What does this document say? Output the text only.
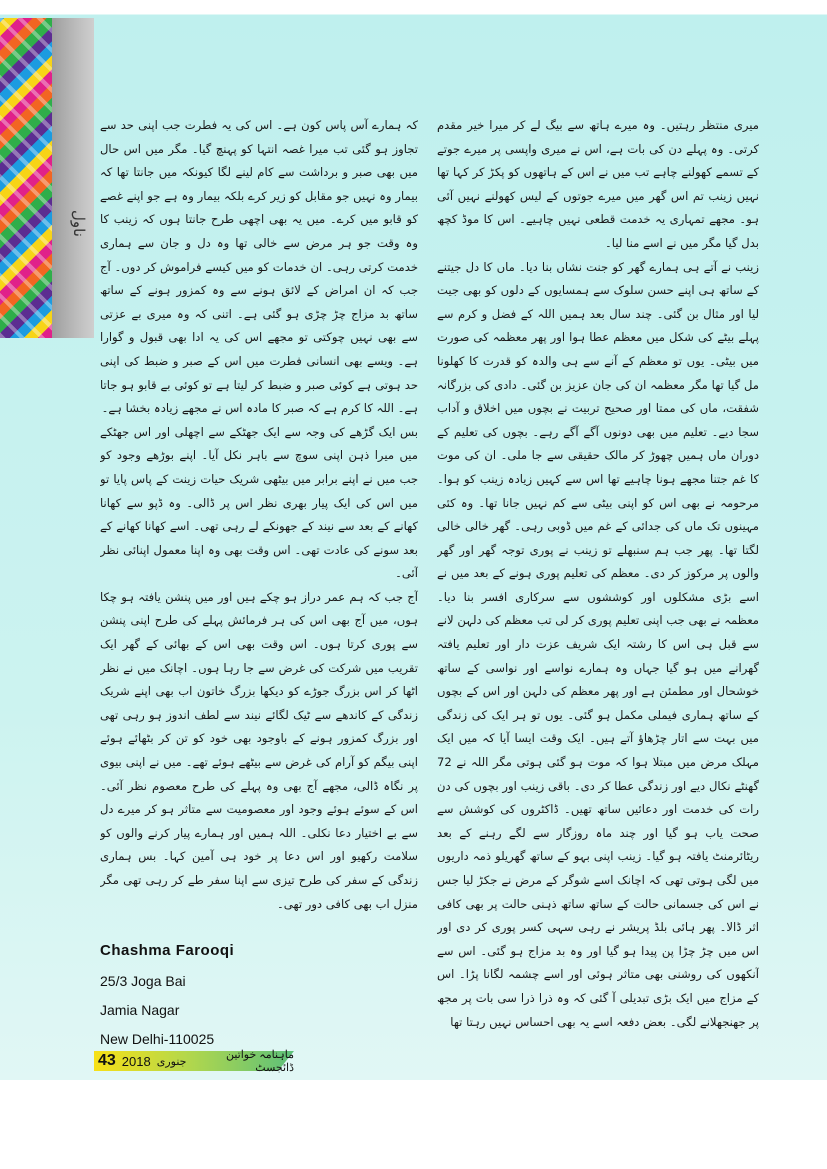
ناول

کہ ہمارے آس پاس کون ہے۔ اس کی یہ فطرت جب اپنی حد سے تجاوز ہو گئی تب میرا غصہ انتہا کو پہنچ گیا۔ مگر میں اس حال میں بھی صبر و برداشت سے کام لینے لگا کیونکہ میں جانتا تھا کہ بیمار وہ نہیں جو مقابل کو زیر کرے بلکہ بیمار وہ ہے جو اپنے غصے کو قابو میں کرے۔ میں یہ بھی اچھی طرح جانتا ہوں کہ زینب کا وہ وقت جو ہر مرض سے خالی تھا وہ دل و جان سے ہماری خدمت کرتی رہی۔ ان خدمات کو میں کیسے فراموش کر دوں۔ آج جب کہ ان امراض کے لائق ہونے سے وہ کمزور ہونے کے ساتھ ساتھ بد مزاج چڑ چڑی ہو گئی ہے۔ اتنی کہ وہ میری بے عزتی سے بھی نہیں چوکتی تو مجھے اس کی یہ ادا بھی قبول و گوارا ہے۔ ویسے بھی انسانی فطرت میں اس کے صبر و ضبط کی اپنی حد ہوتی ہے کوئی صبر و ضبط کر لیتا ہے تو کوئی بے قابو ہو جاتا ہے۔ اللہ کا کرم ہے کہ صبر کا مادہ اس نے مجھے زیادہ بخشا ہے۔

بس ایک گڑھے کی وجہ سے ایک جھٹکے سے اچھلی اور اس جھٹکے میں میرا ذہن اپنی سوچ سے باہر نکل آیا۔ اپنے بوڑھے وجود کو جب میں نے اپنے برابر میں بیٹھی شریک حیات زینت کے پاس پایا تو میں اس کی ایک پیار بھری نظر اس پر ڈالی۔ وہ ڈپو سے کھانا کھانے کے بعد سے نیند کے جھونکے لے رہی تھی۔ اسے کھانا کھانے کے بعد سونے کی عادت تھی۔ اس وقت بھی وہ اپنا معمول اپنائی نظر آئی۔

آج جب کہ ہم عمر دراز ہو چکے ہیں اور میں پنشن یافتہ ہو چکا ہوں، میں آج بھی اس کی ہر فرمائش پہلے کی طرح اپنی پنشن سے پوری کرتا ہوں۔ اس وقت بھی اس کے بھائی کے گھر ایک تقریب میں شرکت کی غرض سے جا رہا ہوں۔ اچانک میں نے نظر اٹھا کر اس بزرگ جوڑے کو دیکھا بزرگ خاتون اب بھی اپنے شریک زندگی کے کاندھے سے ٹیک لگائے نیند سے لطف اندوز ہو رہی تھی اور بزرگ کمزور ہونے کے باوجود بھی خود کو تن کر بٹھائے ہوئے اپنی بیگم کو آرام کی غرض سے بیٹھے ہوئے تھے۔ میں نے اپنی بیوی پر نگاہ ڈالی، مجھے آج بھی وہ پہلے کی طرح معصوم نظر آئی۔ اس کے سوئے ہوئے وجود اور معصومیت سے متاثر ہو کر میرے دل سے بے اختیار دعا نکلی۔ اللہ ہمیں اور ہمارے پیار کرنے والوں کو سلامت رکھیو اور اس دعا پر خود ہی آمین کہا۔ بس ہماری زندگی کے سفر کی طرح تیزی سے اپنا سفر طے کر رہی تھی مگر منزل اب بھی کافی دور تھی۔

میری منتظر رہتیں۔ وہ میرے ہاتھ سے بیگ لے کر میرا خیر مقدم کرتی۔ وہ پہلے دن کی بات ہے، اس نے میری واپسی پر میرے جوتے کے تسمے کھولنے چاہے تب میں نے اس کے ہاتھوں کو پکڑ کر کہا تھا نہیں زینب تم اس گھر میں میرے جوتوں کے لیس کھولنے نہیں آئی ہو۔ مجھے تمہاری یہ خدمت قطعی نہیں چاہیے۔ اس کا موڈ کچھ بدل گیا مگر میں نے اسے منا لیا۔

زینب نے آتے ہی ہمارے گھر کو جنت نشاں بنا دیا۔ ماں کا دل جیتنے کے ساتھ ہی اپنے حسن سلوک سے ہمسایوں کے دلوں کو بھی جیت لیا اور مثال بن گئی۔ چند سال بعد ہمیں اللہ کے فضل و کرم سے پہلے بیٹے کی شکل میں معظم عطا ہوا اور پھر معظمہ کی صورت میں بیٹی۔ یوں تو معظم کے آنے سے ہی والدہ کو قدرت کا کھلونا مل گیا تھا مگر معظمہ ان کی جان عزیز بن گئی۔ دادی کی بزرگانہ شفقت، ماں کی ممتا اور صحیح تربیت نے بچوں میں اخلاق و آداب سجا دیے۔ تعلیم میں بھی دونوں آگے آگے رہے۔ بچوں کی تعلیم کے دوران ماں ہمیں چھوڑ کر مالک حقیقی سے جا ملی۔ ان کی موت کا غم جتنا مجھے ہونا چاہیے تھا اس سے کہیں زیادہ زینب کو ہوا۔ مرحومہ نے بھی اس کو اپنی بیٹی سے کم نہیں جانا تھا۔ وہ کئی مہینوں تک ماں کی جدائی کے غم میں ڈوبی رہی۔ گھر خالی خالی لگتا تھا۔ پھر جب ہم سنبھلے تو زینب نے پوری توجہ گھر اور گھر والوں پر مرکوز کر دی۔ معظم کی تعلیم پوری ہونے کے بعد میں نے اسے بڑی مشکلوں اور کوششوں سے سرکاری افسر بنا دیا۔ معظمہ نے بھی جب اپنی تعلیم پوری کر لی تب معظم کی دلہن لانے سے قبل ہی اس کا رشتہ ایک شریف عزت دار اور تعلیم یافتہ گھرانے میں ہو گیا جہاں وہ ہمارے نواسے اور نواسی کے ساتھ خوشحال اور مطمئن ہے اور پھر معظم کی دلہن اور اس کے بچوں کے ساتھ ہماری فیملی مکمل ہو گئی۔ یوں تو ہر ایک کی زندگی میں بہت سے اتار چڑھاؤ آتے ہیں۔ ایک وقت ایسا آیا کہ میں ایک مہلک مرض میں مبتلا ہوا کہ موت ہو گئی ہوتی مگر اللہ نے 72 گھنٹے نکال دیے اور زندگی عطا کر دی۔ باقی زینب اور بچوں کی دن رات کی خدمت اور دعائیں ساتھ تھیں۔ ڈاکٹروں کی کوشش سے صحت یاب ہو گیا اور چند ماہ روزگار سے لگے رہنے کے بعد ریٹائرمنٹ یافتہ ہو گیا۔ زینب اپنی بہو کے ساتھ گھریلو ذمہ داریوں میں لگی ہوتی تھی کہ اچانک اسے شوگر کے مرض نے جکڑ لیا جس نے اس کی جسمانی حالت کے ساتھ ساتھ ذہنی حالت پر بھی کافی اثر ڈالا۔ پھر ہائی بلڈ پریشر نے رہی سہی کسر پوری کر دی اور اس میں چڑ چڑا پن پیدا ہو گیا اور وہ بد مزاج ہو گئی۔ اس سے آنکھوں کی روشنی بھی متاثر ہوئی اور اسے چشمہ لگانا پڑا۔ اس کے مزاج میں ایک بڑی تبدیلی آ گئی کہ وہ ذرا ذرا سی بات پر مجھ پر جھنجھلانے لگی۔ بعض دفعہ اسے یہ بھی احساس نہیں رہتا تھا

Chashma Farooqi
25/3 Joga Bai
Jamia Nagar
New Delhi-110025
43 2018 جنوری
ماہنامہ خواتین ڈائجسٹ
